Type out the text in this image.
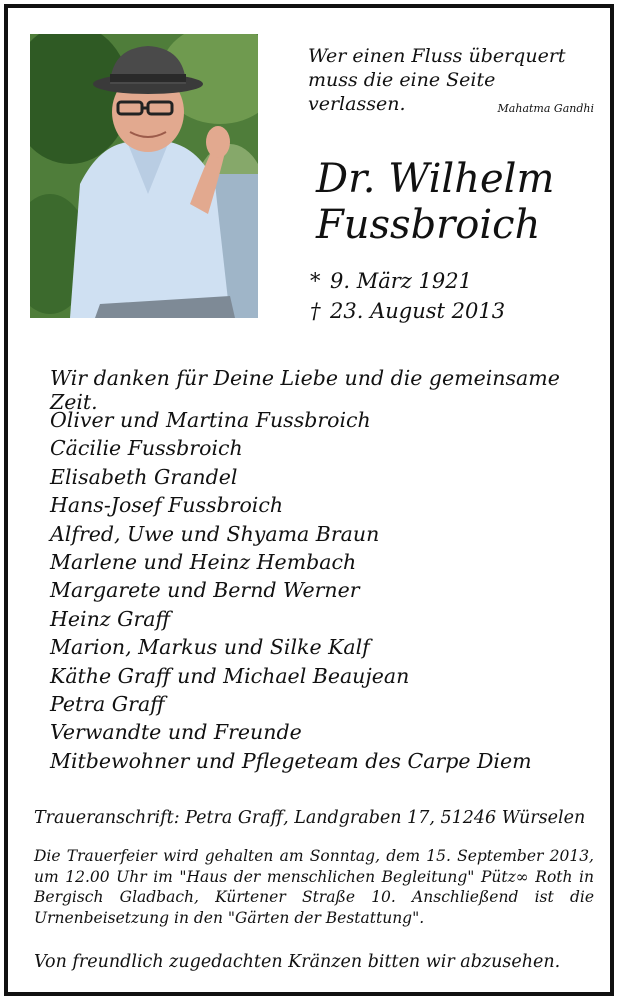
Wer einen Fluss überquert
muss die eine Seite verlassen.	Mahatma Gandhi
Dr. Wilhelm
Fussbroich
* 9. März 1921
† 23. August 2013
Wir danken für Deine Liebe und die gemeinsame Zeit.
Oliver und Martina Fussbroich
Cäcilie Fussbroich
Elisabeth Grandel
Hans-Josef Fussbroich
Alfred, Uwe und Shyama Braun
Marlene und Heinz Hembach
Margarete und Bernd Werner
Heinz Graff
Marion, Markus und Silke Kalf
Käthe Graff und Michael Beaujean
Petra Graff
Verwandte und Freunde
Mitbewohner und Pflegeteam des Carpe Diem
Traueranschrift: Petra Graff, Landgraben 17, 51246 Würselen
Die Trauerfeier wird gehalten am Sonntag, dem 15. September 2013, um 12.00 Uhr im "Haus der menschlichen Begleitung" Pütz∞ Roth in Bergisch Gladbach, Kürtener Straße 10. Anschließend ist die Urnenbeisetzung in den "Gärten der Bestattung".
Von freundlich zugedachten Kränzen bitten wir abzusehen.
